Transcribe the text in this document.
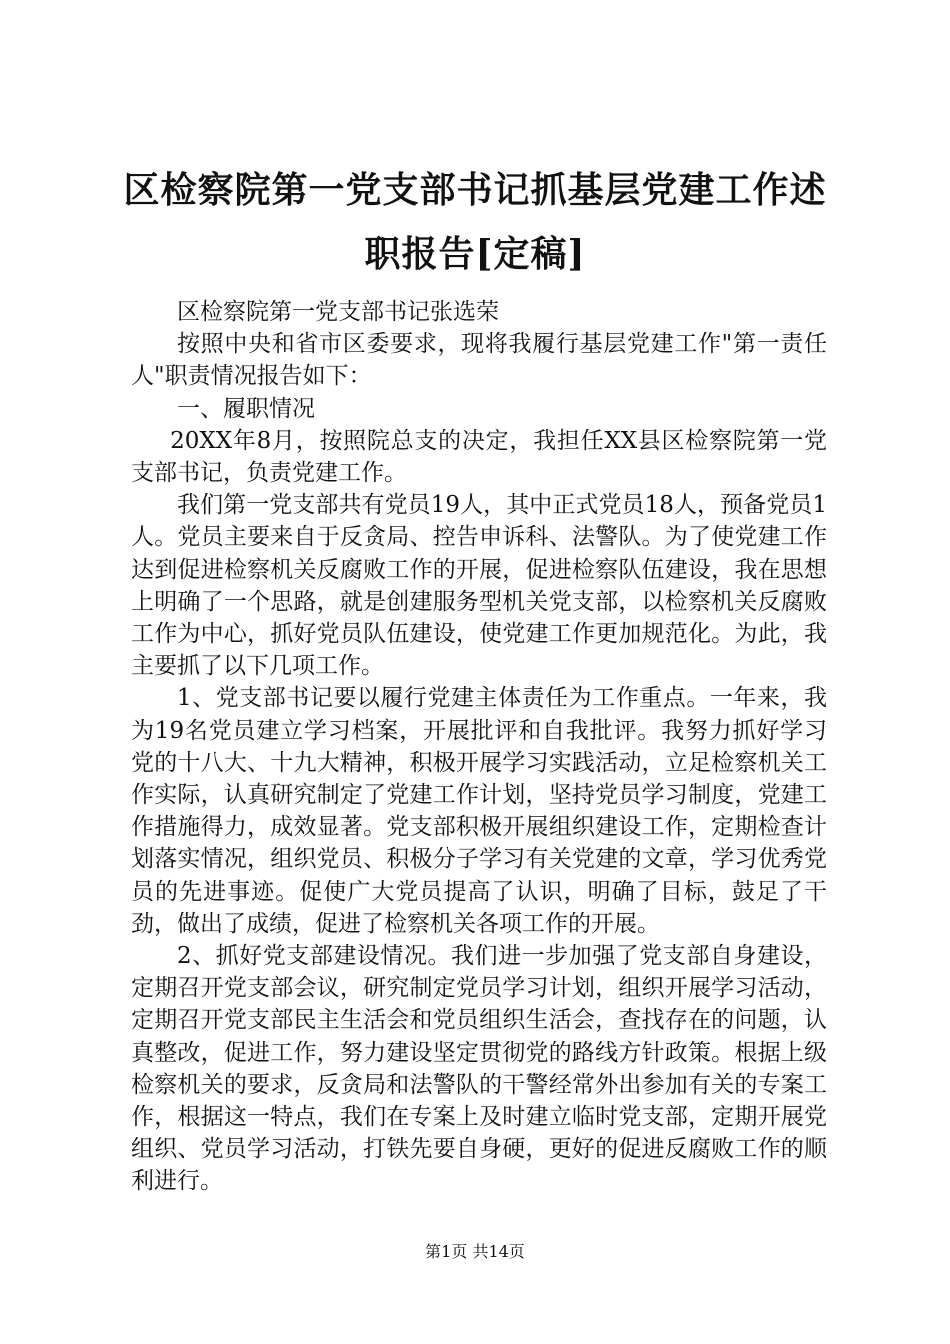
区检察院第一党支部书记抓基层党建工作述职报告[定稿]

区检察院第一党支部书记张选荣

按照中央和省市区委要求，现将我履行基层党建工作"第一责任人"职责情况报告如下：

一、履职情况

20XX年8月，按照院总支的决定，我担任XX县区检察院第一党支部书记，负责党建工作。

我们第一党支部共有党员19人，其中正式党员18人，预备党员1人。党员主要来自于反贪局、控告申诉科、法警队。为了使党建工作达到促进检察机关反腐败工作的开展，促进检察队伍建设，我在思想上明确了一个思路，就是创建服务型机关党支部，以检察机关反腐败工作为中心，抓好党员队伍建设，使党建工作更加规范化。为此，我主要抓了以下几项工作。

1、党支部书记要以履行党建主体责任为工作重点。一年来，我为19名党员建立学习档案，开展批评和自我批评。我努力抓好学习党的十八大、十九大精神，积极开展学习实践活动，立足检察机关工作实际，认真研究制定了党建工作计划，坚持党员学习制度，党建工作措施得力，成效显著。党支部积极开展组织建设工作，定期检查计划落实情况，组织党员、积极分子学习有关党建的文章，学习优秀党员的先进事迹。促使广大党员提高了认识，明确了目标，鼓足了干劲，做出了成绩，促进了检察机关各项工作的开展。

2、抓好党支部建设情况。我们进一步加强了党支部自身建设，定期召开党支部会议，研究制定党员学习计划，组织开展学习活动，定期召开党支部民主生活会和党员组织生活会，查找存在的问题，认真整改，促进工作，努力建设坚定贯彻党的路线方针政策。根据上级检察机关的要求，反贪局和法警队的干警经常外出参加有关的专案工作，根据这一特点，我们在专案上及时建立临时党支部，定期开展党组织、党员学习活动，打铁先要自身硬，更好的促进反腐败工作的顺利进行。

第1页 共14页
